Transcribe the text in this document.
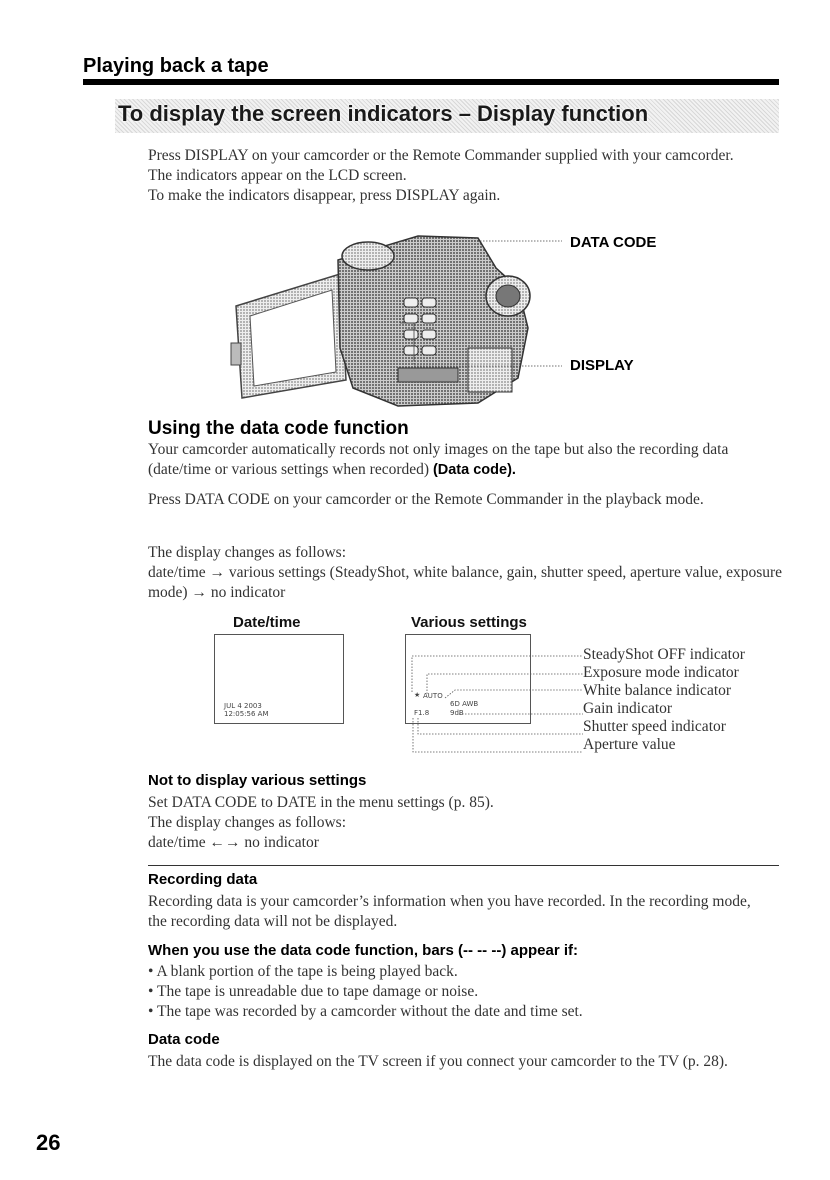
Playing back a tape
To display the screen indicators – Display function

Press DISPLAY on your camcorder or the Remote Commander supplied with your camcorder.

The indicators appear on the LCD screen.

To make the indicators disappear, press DISPLAY again.

DATA CODE
DISPLAY
Using the data code function
Your camcorder automatically records not only images on the tape but also the recording data (date/time or various settings when recorded) (Data code).
Press DATA CODE on your camcorder or the Remote Commander in the playback mode.

The display changes as follows:

date/time → various settings (SteadyShot, white balance, gain, shutter speed, aperture value, exposure mode) → no indicator

Date/time	Various settings
JUL 4 2003
12:05:56 AM
★ AUTO
6D AWB
F1.8	9dB
SteadyShot OFF indicator
Exposure mode indicator
White balance indicator
Gain indicator
Shutter speed indicator
Aperture value
Not to display various settings

Set DATA CODE to DATE in the menu settings (p. 85).

The display changes as follows:

date/time ←→ no indicator

Recording data
Recording data is your camcorder’s information when you have recorded. In the recording mode, the recording data will not be displayed.
When you use the data code function, bars (-- -- --) appear if:

• A blank portion of the tape is being played back.

• The tape is unreadable due to tape damage or noise.

• The tape was recorded by a camcorder without the date and time set.

Data code
The data code is displayed on the TV screen if you connect your camcorder to the TV (p. 28).
26
